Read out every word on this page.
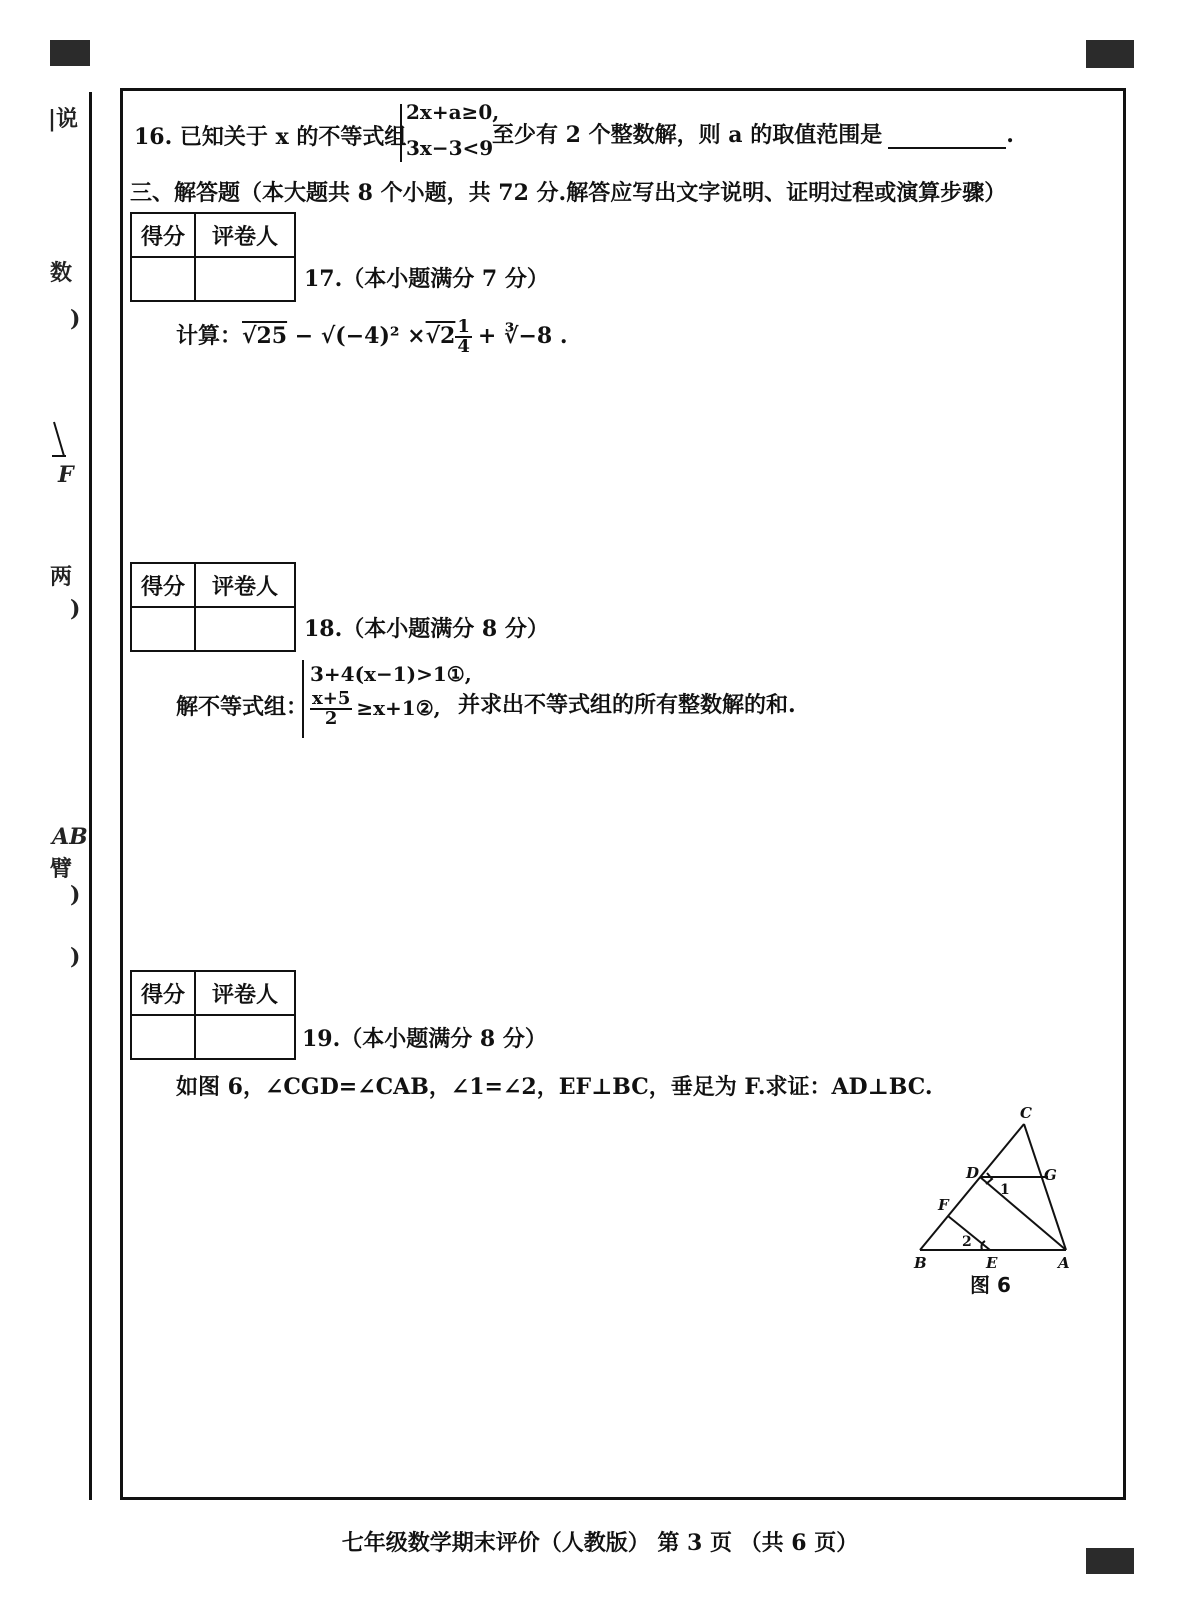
|说
数
)
F
两
)
AB
臂
)
)
16. 已知关于 x 的不等式组
2x+a≥0,
3x−3<9
至少有 2 个整数解，则 a 的取值范围是	.
三、解答题（本大题共 8 个小题，共 72 分.解答应写出文字说明、证明过程或演算步骤）
得分	评卷人

17.（本小题满分 7 分）
计算：$√25 - √(-4)^2 \times√2 \frac{1}{4}$ + ∛−8 .
得分	评卷人

18.（本小题满分 8 分）
解不等式组：
3+4(x−1)>1①,
$\frac{x+5}{2}$ ≥x+1②, 并求出不等式组的所有整数解的和.
得分	评卷人

19.（本小题满分 8 分）
如图 6，∠CGD=∠CAB，∠1=∠2，EF⊥BC，垂足为 F.求证：AD⊥BC.
C
D	G
F
B	E	A
1
2
图 6
七年级数学期末评价（人教版） 第 3 页 （共 6 页）
